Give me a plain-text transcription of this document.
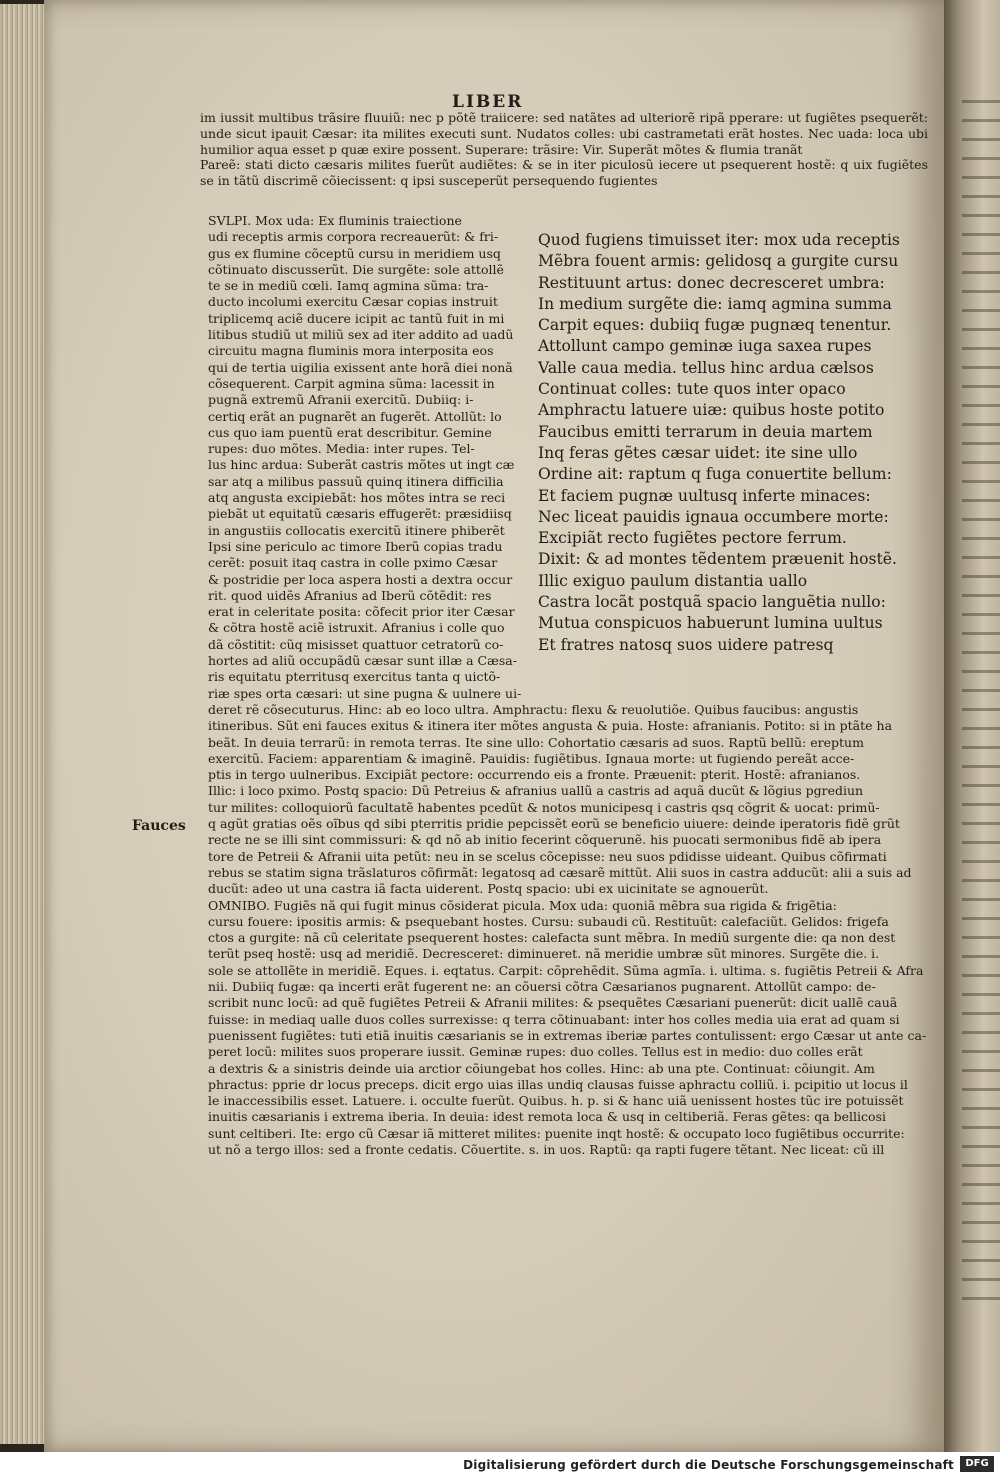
LIBER
im iussit multibus trãsire fluuiũ: nec p põtẽ traiicere: sed natãtes ad ulteriorẽ ripã pperare: ut fugiẽtes psequerẽt: unde sicut ipauit Cæsar: ita milites executi sunt. Nudatos colles: ubi castrametati erãt hostes. Nec uada: loca ubi humilior aqua esset p quæ exire possent. Superare: trãsire: Vir. Superãt mõtes & flumia tranãt
Pareẽ: stati dicto cæsaris milites fuerũt audiẽtes: & se in iter piculosũ iecere ut psequerent hostẽ: q uix fugiẽtes se in tãtũ discrimẽ cõiecissent: q ipsi susceperũt persequendo fugientes
SVLPI. Mox uda: Ex fluminis traiectione
udi receptis armis corpora recreauerũt: & fri-
gus ex flumine cõceptũ cursu in meridiem usq
cõtinuato discusserũt. Die surgẽte: sole attollẽ
te se in mediũ cœli. Iamq agmina sũma: tra-
ducto incolumi exercitu Cæsar copias instruit
triplicemq aciẽ ducere icipit ac tantũ fuit in mi
litibus studiũ ut miliũ sex ad iter addito ad uadũ
circuitu magna fluminis mora interposita eos
qui de tertia uigilia exissent ante horã diei nonã
cõsequerent. Carpit agmina sũma: lacessit in
pugnã extremũ Afranii exercitũ. Dubiiq: i-
certiq erãt an pugnarẽt an fugerẽt. Attollũt: lo
cus quo iam puentũ erat describitur. Gemine
rupes: duo mõtes. Media: inter rupes. Tel-
lus hinc ardua: Suberãt castris mõtes ut ingt cæ
sar atq a milibus passuũ quinq itinera difficilia
atq angusta excipiebãt: hos mõtes intra se reci
piebãt ut equitatũ cæsaris effugerẽt: præsidiisq
in angustiis collocatis exercitũ itinere phiberẽt
Ipsi sine periculo ac timore Iberũ copias tradu
cerẽt: posuit itaq castra in colle pximo Cæsar
& postridie per loca aspera hosti a dextra occur
rit. quod uidẽs Afranius ad Iberũ cõtẽdit: res
erat in celeritate posita: cõfecit prior iter Cæsar
& cõtra hostẽ aciẽ istruxit. Afranius i colle quo
dã cõstitit: cũq misisset quattuor cetratorũ co-
hortes ad aliũ occupãdũ cæsar sunt illæ a Cæsa-
ris equitatu pterritusq exercitus tanta q uictõ-
riæ spes orta cæsari: ut sine pugna & uulnere ui-
Quod fugiens timuisset iter: mox uda receptis
Mẽbra fouent armis: gelidosq a gurgite cursu
Restituunt artus: donec decresceret umbra:
In medium surgẽte die: iamq agmina summa
Carpit eques: dubiiq fugæ pugnæq tenentur.
Attollunt campo geminæ iuga saxea rupes
Valle caua media. tellus hinc ardua cælsos
Continuat colles: tute quos inter opaco
Amphractu latuere uiæ: quibus hoste potito
Faucibus emitti terrarum in deuia martem
Inq feras gẽtes cæsar uidet: ite sine ullo
Ordine ait: raptum q fuga conuertite bellum:
Et faciem pugnæ uultusq inferte minaces:
Nec liceat pauidis ignaua occumbere morte:
Excipiãt recto fugiẽtes pectore ferrum.
Dixit: & ad montes tẽdentem præuenit hostẽ.
Illic exiguo paulum distantia uallo
Castra locãt postquã spacio languẽtia nullo:
Mutua conspicuos habuerunt lumina uultus
Et fratres natosq suos uidere patresq
deret rẽ cõsecuturus. Hinc: ab eo loco ultra. Amphractu: flexu & reuolutiõe. Quibus faucibus: angustis
itineribus. Sũt eni fauces exitus & itinera iter mõtes angusta & puia. Hoste: afranianis. Potito: si in ptãte ha
beãt. In deuia terrarũ: in remota terras. Ite sine ullo: Cohortatio cæsaris ad suos. Raptũ bellũ: ereptum
exercitũ. Faciem: apparentiam & imaginẽ. Pauidis: fugiẽtibus. Ignaua morte: ut fugiendo pereãt acce-
ptis in tergo uulneribus. Excipiãt pectore: occurrendo eis a fronte. Præuenit: pterit. Hostẽ: afranianos.
Illic: i loco pximo. Postq spacio: Dũ Petreius & afranius uallũ a castris ad aquã ducũt & lõgius pgrediun
tur milites: colloquiorũ facultatẽ habentes pcedũt & notos municipesq i castris qsq cõgrit & uocat: primũ-
q agũt gratias oẽs oĩbus qd sibi pterritis pridie pepcissẽt eorũ se beneficio uiuere: deinde iperatoris fidẽ grũt
recte ne se illi sint commissuri: & qd nõ ab initio fecerint cõquerunẽ. his puocati sermonibus fidẽ ab ipera
tore de Petreii & Afranii uita petũt: neu in se scelus cõcepisse: neu suos pdidisse uideant. Quibus cõfirmati
rebus se statim signa trãslaturos cõfirmãt: legatosq ad cæsarẽ mittũt. Alii suos in castra adducũt: alii a suis ad
ducũt: adeo ut una castra iã facta uiderent. Postq spacio: ubi ex uicinitate se agnouerũt.
OMNIBO. Fugiẽs nã qui fugit minus cõsiderat picula. Mox uda: quoniã mẽbra sua rigida & frigẽtia:
cursu fouere: ipositis armis: & psequebant hostes. Cursu: subaudi cũ. Restituũt: calefaciũt. Gelidos: frigefa
ctos a gurgite: nã cũ celeritate psequerent hostes: calefacta sunt mẽbra. In mediũ surgente die: qa non dest
terũt pseq hostẽ: usq ad meridiẽ. Decresceret: diminueret. nã meridie umbræ sũt minores. Surgẽte die. i.
sole se attollẽte in meridiẽ. Eques. i. eqtatus. Carpit: cõprehẽdit. Sũma agmĩa. i. ultima. s. fugiẽtis Petreii & Afra
nii. Dubiiq fugæ: qa incerti erãt fugerent ne: an cõuersi cõtra Cæsarianos pugnarent. Attollũt campo: de-
scribit nunc locũ: ad quẽ fugiẽtes Petreii & Afranii milites: & psequẽtes Cæsariani puenerũt: dicit uallẽ cauã
fuisse: in mediaq ualle duos colles surrexisse: q terra cõtinuabant: inter hos colles media uia erat ad quam si
puenissent fugiẽtes: tuti etiã inuitis cæsarianis se in extremas iberiæ partes contulissent: ergo Cæsar ut ante ca-
peret locũ: milites suos properare iussit. Geminæ rupes: duo colles. Tellus est in medio: duo colles erãt
a dextris & a sinistris deinde uia arctior cõiungebat hos colles. Hinc: ab una pte. Continuat: cõiungit. Am
phractus: pprie dr locus preceps. dicit ergo uias illas undiq clausas fuisse aphractu colliũ. i. pcipitio ut locus il
le inaccessibilis esset. Latuere. i. occulte fuerũt. Quibus. h. p. si & hanc uiã uenissent hostes tũc ire potuissẽt
inuitis cæsarianis i extrema iberia. In deuia: idest remota loca & usq in celtiberiã. Feras gẽtes: qa bellicosi
sunt celtiberi. Ite: ergo cũ Cæsar iã mitteret milites: puenite inqt hostẽ: & occupato loco fugiẽtibus occurrite:
ut nõ a tergo illos: sed a fronte cedatis. Cõuertite. s. in uos. Raptũ: qa rapti fugere tẽtant. Nec liceat: cũ ill
Fauces
Digitalisierung gefördert durch die Deutsche Forschungsgemeinschaft	DFG
